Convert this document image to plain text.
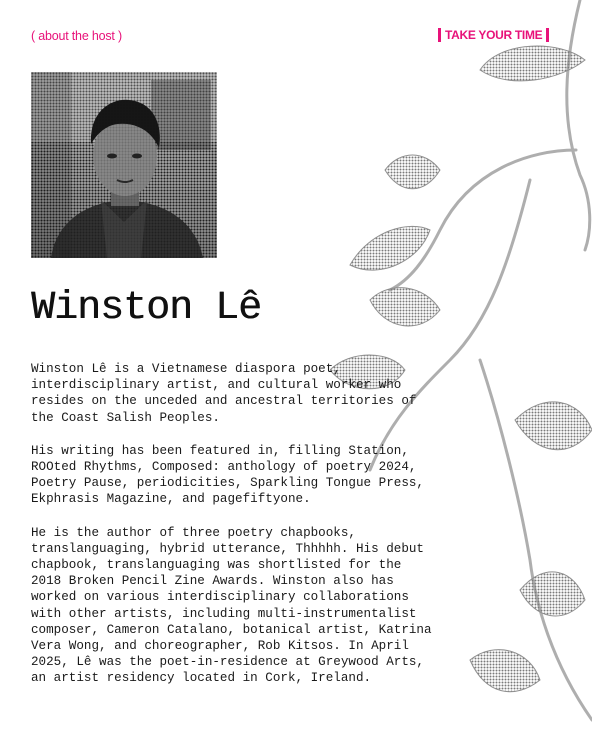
( about the host )	TAKE YOUR TIME
Winston Lê

Winston Lê is a Vietnamese diaspora poet,
interdisciplinary artist, and cultural worker who
resides on the unceded and ancestral territories of
the Coast Salish Peoples.

His writing has been featured in, filling Station,
ROOted Rhythms, Composed: anthology of poetry 2024,
Poetry Pause, periodicities, Sparkling Tongue Press,
Ekphrasis Magazine, and pagefiftyone.

He is the author of three poetry chapbooks,
translanguaging, hybrid utterance, Thhhhh. His debut
chapbook, translanguaging was shortlisted for the
2018 Broken Pencil Zine Awards. Winston also has
worked on various interdisciplinary collaborations
with other artists, including multi-instrumentalist
composer, Cameron Catalano, botanical artist, Katrina
Vera Wong, and choreographer, Rob Kitsos. In April
2025, Lê was the poet-in-residence at Greywood Arts,
an artist residency located in Cork, Ireland.
